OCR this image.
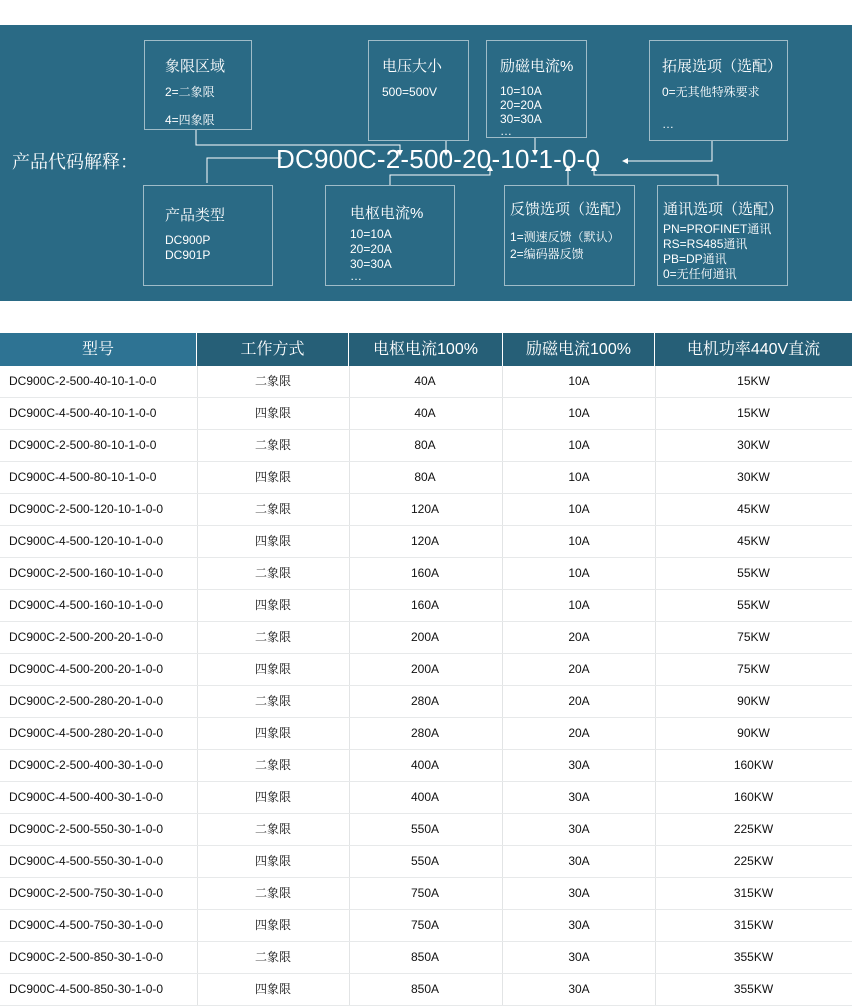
产品代码解释：	DC900C-2-500-20-10-1-0-0
象限区域
2=二象限
4=四象限
电压大小
500=500V
励磁电流%
10=10A
20=20A
30=30A
…
拓展选项（选配）
0=无其他特殊要求
…
产品类型
DC900P
DC901P
电枢电流%
10=10A
20=20A
30=30A
…
反馈选项（选配）
1=测速反馈（默认）
2=编码器反馈
通讯选项（选配）
PN=PROFINET通讯
RS=RS485通讯
PB=DP通讯
0=无任何通讯
型号	工作方式	电枢电流100%	励磁电流100%	电机功率440V直流
DC900C-2-500-40-10-1-0-0	二象限	40A	10A	15KW
DC900C-4-500-40-10-1-0-0	四象限	40A	10A	15KW
DC900C-2-500-80-10-1-0-0	二象限	80A	10A	30KW
DC900C-4-500-80-10-1-0-0	四象限	80A	10A	30KW
DC900C-2-500-120-10-1-0-0	二象限	120A	10A	45KW
DC900C-4-500-120-10-1-0-0	四象限	120A	10A	45KW
DC900C-2-500-160-10-1-0-0	二象限	160A	10A	55KW
DC900C-4-500-160-10-1-0-0	四象限	160A	10A	55KW
DC900C-2-500-200-20-1-0-0	二象限	200A	20A	75KW
DC900C-4-500-200-20-1-0-0	四象限	200A	20A	75KW
DC900C-2-500-280-20-1-0-0	二象限	280A	20A	90KW
DC900C-4-500-280-20-1-0-0	四象限	280A	20A	90KW
DC900C-2-500-400-30-1-0-0	二象限	400A	30A	160KW
DC900C-4-500-400-30-1-0-0	四象限	400A	30A	160KW
DC900C-2-500-550-30-1-0-0	二象限	550A	30A	225KW
DC900C-4-500-550-30-1-0-0	四象限	550A	30A	225KW
DC900C-2-500-750-30-1-0-0	二象限	750A	30A	315KW
DC900C-4-500-750-30-1-0-0	四象限	750A	30A	315KW
DC900C-2-500-850-30-1-0-0	二象限	850A	30A	355KW
DC900C-4-500-850-30-1-0-0	四象限	850A	30A	355KW
